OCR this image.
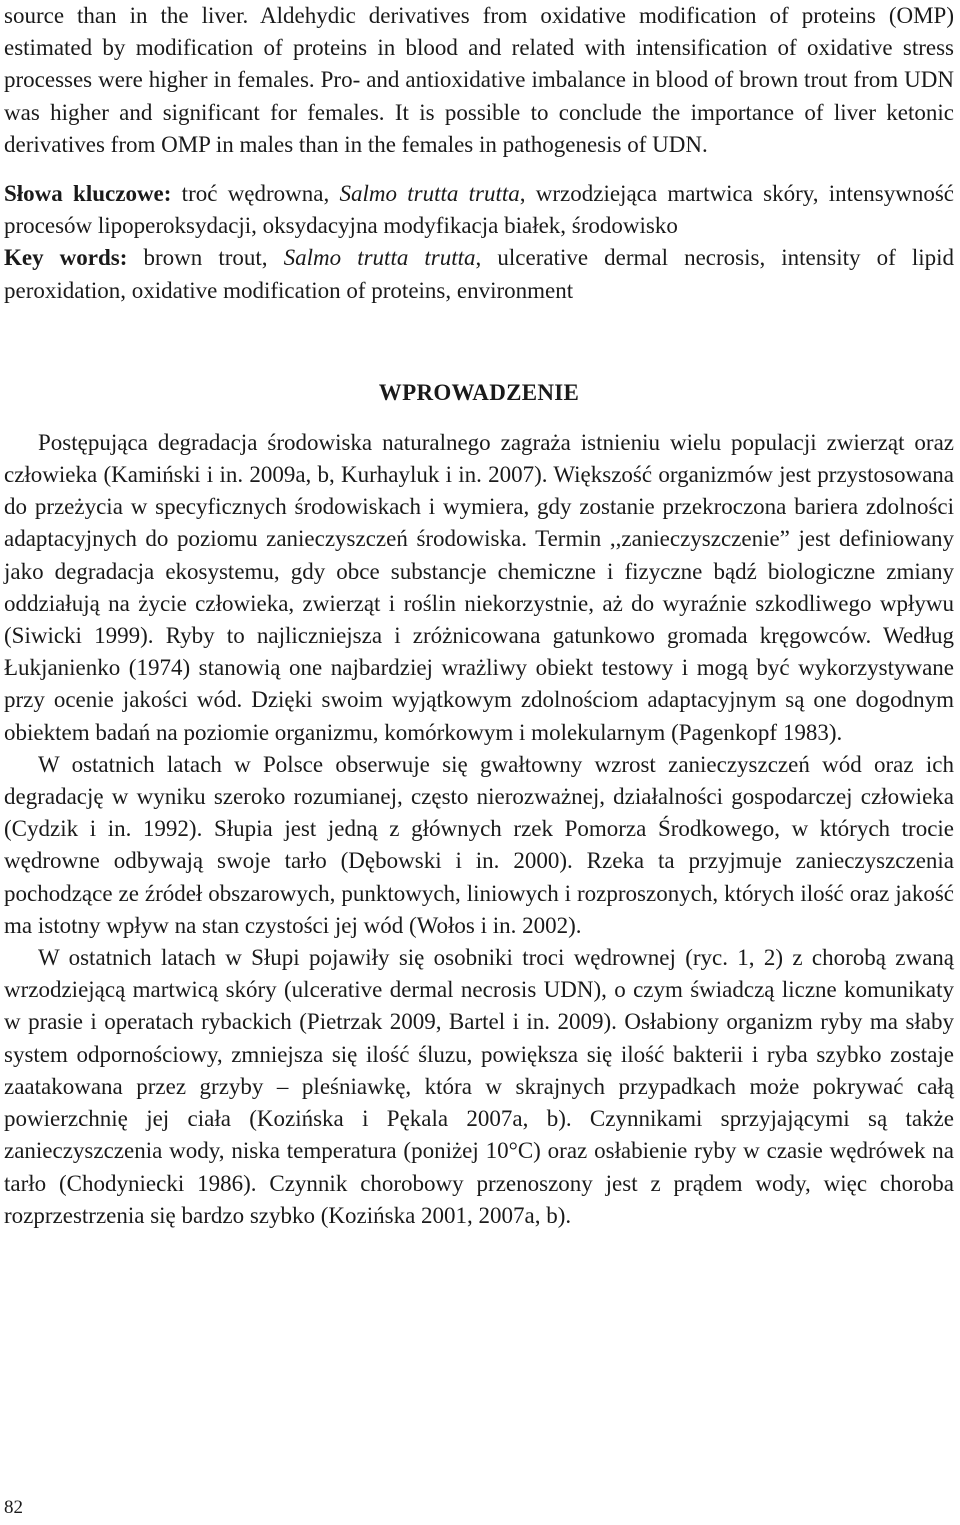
source than in the liver. Aldehydic derivatives from oxidative modification of proteins (OMP) estimated by modification of proteins in blood and related with intensification of oxidative stress processes were higher in females. Pro- and antioxidative imbalance in blood of brown trout from UDN was higher and significant for females. It is possible to conclude the importance of liver ketonic derivatives from OMP in males than in the females in pathogenesis of UDN.

Słowa kluczowe: troć wędrowna, Salmo trutta trutta, wrzodziejąca martwica skóry, intensywność procesów lipoperoksydacji, oksydacyjna modyfikacja białek, środowisko

Key words: brown trout, Salmo trutta trutta, ulcerative dermal necrosis, intensity of lipid peroxidation, oxidative modification of proteins, environment

WPROWADZENIE

Postępująca degradacja środowiska naturalnego zagraża istnieniu wielu populacji zwierząt oraz człowieka (Kamiński i in. 2009a, b, Kurhayluk i in. 2007). Większość organizmów jest przystosowana do przeżycia w specyficznych środowiskach i wymiera, gdy zostanie przekroczona bariera zdolności adaptacyjnych do poziomu zanieczyszczeń środowiska. Termin ,,zanieczyszczenie” jest definiowany jako degradacja ekosystemu, gdy obce substancje chemiczne i fizyczne bądź biologiczne zmiany oddziałują na życie człowieka, zwierząt i roślin niekorzystnie, aż do wyraźnie szkodliwego wpływu (Siwicki 1999). Ryby to najliczniejsza i zróżnicowana gatunkowo gromada kręgowców. Według Łukjanienko (1974) stanowią one najbardziej wrażliwy obiekt testowy i mogą być wykorzystywane przy ocenie jakości wód. Dzięki swoim wyjątkowym zdolnościom adaptacyjnym są one dogodnym obiektem badań na poziomie organizmu, komórkowym i molekularnym (Pagenkopf 1983).

W ostatnich latach w Polsce obserwuje się gwałtowny wzrost zanieczyszczeń wód oraz ich degradację w wyniku szeroko rozumianej, często nierozważnej, działalności gospodarczej człowieka (Cydzik i in. 1992). Słupia jest jedną z głównych rzek Pomorza Środkowego, w których trocie wędrowne odbywają swoje tarło (Dębowski i in. 2000). Rzeka ta przyjmuje zanieczyszczenia pochodzące ze źródeł obszarowych, punktowych, liniowych i rozproszonych, których ilość oraz jakość ma istotny wpływ na stan czystości jej wód (Wołos i in. 2002).

W ostatnich latach w Słupi pojawiły się osobniki troci wędrownej (ryc. 1, 2) z chorobą zwaną wrzodziejącą martwicą skóry (ulcerative dermal necrosis UDN), o czym świadczą liczne komunikaty w prasie i operatach rybackich (Pietrzak 2009, Bartel i in. 2009). Osłabiony organizm ryby ma słaby system odpornościowy, zmniejsza się ilość śluzu, powiększa się ilość bakterii i ryba szybko zostaje zaatakowana przez grzyby – pleśniawkę, która w skrajnych przypadkach może pokrywać całą powierzchnię jej ciała (Kozińska i Pękala 2007a, b). Czynnikami sprzyjającymi są także zanieczyszczenia wody, niska temperatura (poniżej 10°C) oraz osłabienie ryby w czasie wędrówek na tarło (Chodyniecki 1986). Czynnik chorobowy przenoszony jest z prądem wody, więc choroba rozprzestrzenia się bardzo szybko (Kozińska 2001, 2007a, b).

82
